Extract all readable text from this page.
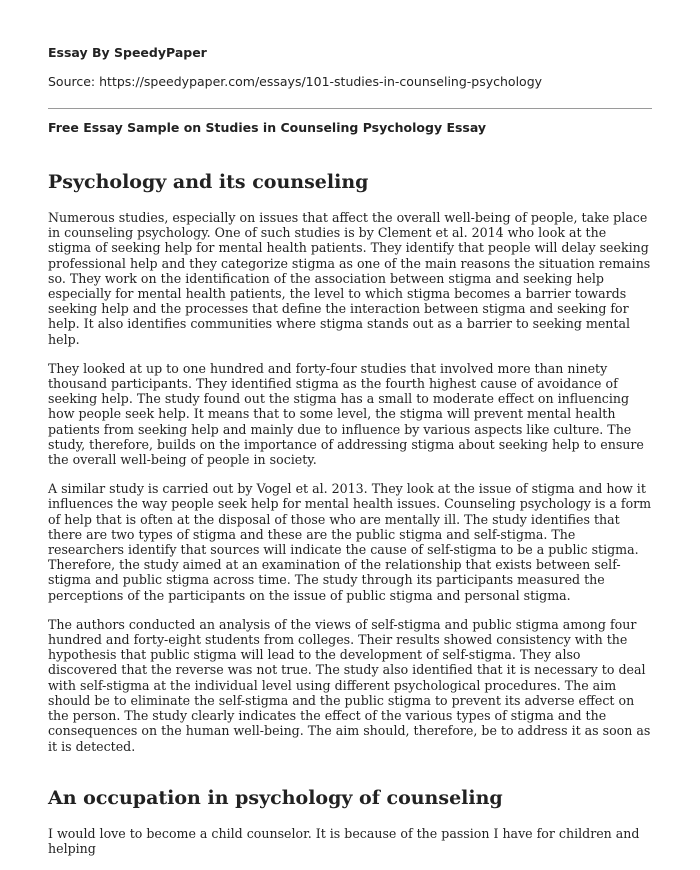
Essay By SpeedyPaper

Source: https://speedypaper.com/essays/101-studies-in-counseling-psychology

Free Essay Sample on Studies in Counseling Psychology Essay

Psychology and its counseling

Numerous studies, especially on issues that affect the overall well-being of people, take place in counseling psychology. One of such studies is by Clement et al. 2014 who look at the stigma of seeking help for mental health patients. They identify that people will delay seeking professional help and they categorize stigma as one of the main reasons the situation remains so. They work on the identification of the association between stigma and seeking help especially for mental health patients, the level to which stigma becomes a barrier towards seeking help and the processes that define the interaction between stigma and seeking for help. It also identifies communities where stigma stands out as a barrier to seeking mental help.

They looked at up to one hundred and forty-four studies that involved more than ninety thousand participants. They identified stigma as the fourth highest cause of avoidance of seeking help. The study found out the stigma has a small to moderate effect on influencing how people seek help. It means that to some level, the stigma will prevent mental health patients from seeking help and mainly due to influence by various aspects like culture. The study, therefore, builds on the importance of addressing stigma about seeking help to ensure the overall well-being of people in society.

A similar study is carried out by Vogel et al. 2013. They look at the issue of stigma and how it influences the way people seek help for mental health issues. Counseling psychology is a form of help that is often at the disposal of those who are mentally ill. The study identifies that there are two types of stigma and these are the public stigma and self-stigma. The researchers identify that sources will indicate the cause of self-stigma to be a public stigma. Therefore, the study aimed at an examination of the relationship that exists between self-stigma and public stigma across time. The study through its participants measured the perceptions of the participants on the issue of public stigma and personal stigma.

The authors conducted an analysis of the views of self-stigma and public stigma among four hundred and forty-eight students from colleges. Their results showed consistency with the hypothesis that public stigma will lead to the development of self-stigma. They also discovered that the reverse was not true. The study also identified that it is necessary to deal with self-stigma at the individual level using different psychological procedures. The aim should be to eliminate the self-stigma and the public stigma to prevent its adverse effect on the person. The study clearly indicates the effect of the various types of stigma and the consequences on the human well-being. The aim should, therefore, be to address it as soon as it is detected.

An occupation in psychology of counseling

I would love to become a child counselor. It is because of the passion I have for children and helping
